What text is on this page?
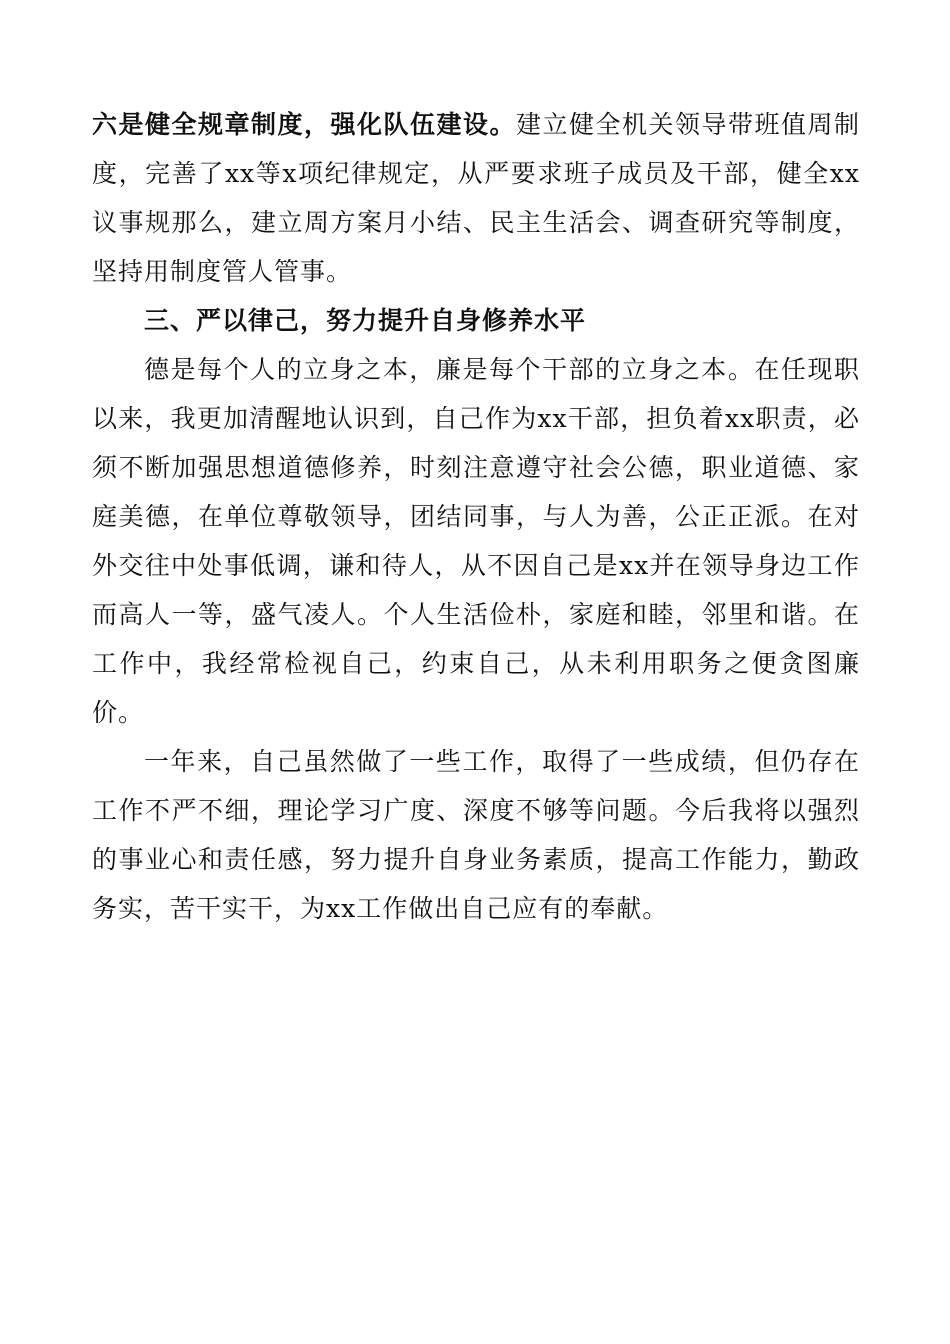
六是健全规章制度，强化队伍建设。建立健全机关领导带班值周制度，完善了xx等x项纪律规定，从严要求班子成员及干部，健全xx议事规那么，建立周方案月小结、民主生活会、调查研究等制度，坚持用制度管人管事。

三、严以律己，努力提升自身修养水平

德是每个人的立身之本，廉是每个干部的立身之本。在任现职以来，我更加清醒地认识到，自己作为xx干部，担负着xx职责，必须不断加强思想道德修养，时刻注意遵守社会公德，职业道德、家庭美德，在单位尊敬领导，团结同事，与人为善，公正正派。在对外交往中处事低调，谦和待人，从不因自己是xx并在领导身边工作而高人一等，盛气凌人。个人生活俭朴，家庭和睦，邻里和谐。在工作中，我经常检视自己，约束自己，从未利用职务之便贪图廉价。

一年来，自己虽然做了一些工作，取得了一些成绩，但仍存在工作不严不细，理论学习广度、深度不够等问题。今后我将以强烈的事业心和责任感，努力提升自身业务素质，提高工作能力，勤政务实，苦干实干，为xx工作做出自己应有的奉献。
